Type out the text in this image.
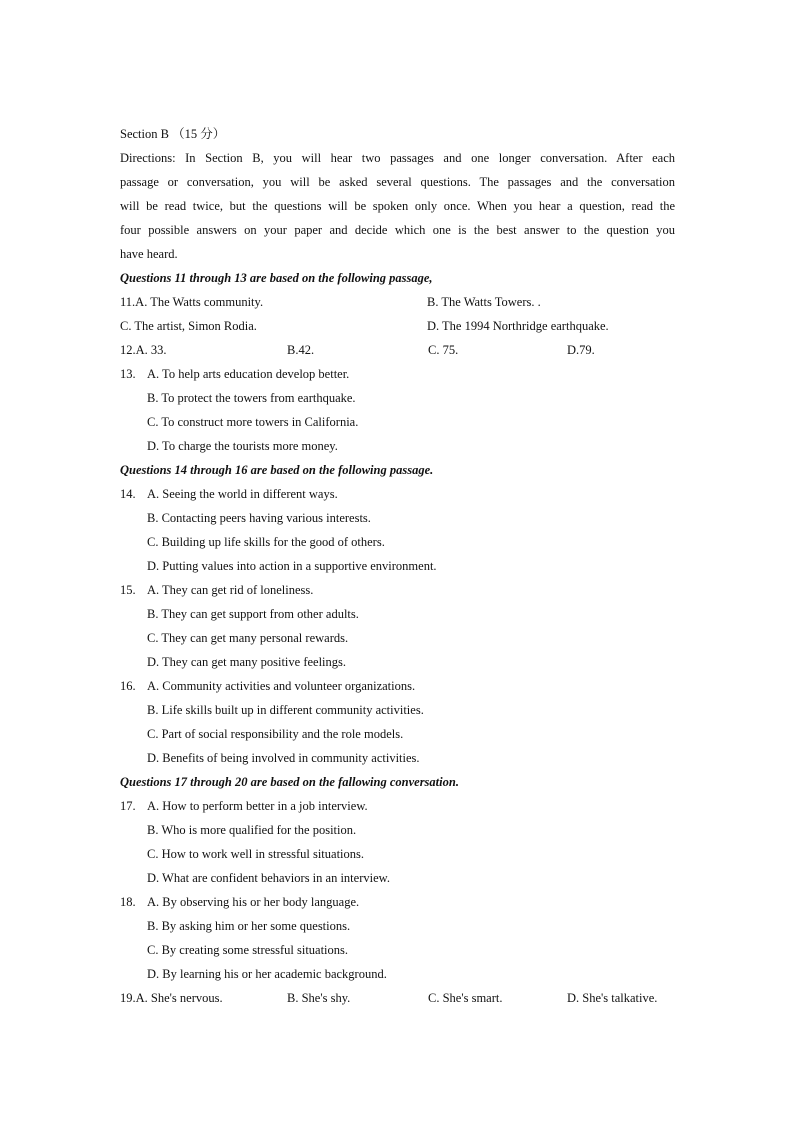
Section B （15 分）
Directions: In Section B, you will hear two passages and one longer conversation. After each
passage or conversation, you will be asked several questions. The passages and the conversation
will be read twice, but the questions will be spoken only once. When you hear a question, read the
four possible answers on your paper and decide which one is the best answer to the question you
have heard.
Questions 11 through 13 are based on the following passage,
11.A. The Watts community.	B. The Watts Towers. .
C. The artist, Simon Rodia.	D. The 1994 Northridge earthquake.
12.A. 33.	B.42.	C. 75.	D.79.
13. A. To help arts education develop better.
B. To protect the towers from earthquake.
C. To construct more towers in California.
D. To charge the tourists more money.
Questions 14 through 16 are based on the following passage.
14. A. Seeing the world in different ways.
B. Contacting peers having various interests.
C. Building up life skills for the good of others.
D. Putting values into action in a supportive environment.
15. A. They can get rid of loneliness.
B. They can get support from other adults.
C. They can get many personal rewards.
D. They can get many positive feelings.
16. A. Community activities and volunteer organizations.
B. Life skills built up in different community activities.
C. Part of social responsibility and the role models.
D. Benefits of being involved in community activities.
Questions 17 through 20 are based on the fallowing conversation.
17. A. How to perform better in a job interview.
B. Who is more qualified for the position.
C. How to work well in stressful situations.
D. What are confident behaviors in an interview.
18. A. By observing his or her body language.
B. By asking him or her some questions.
C. By creating some stressful situations.
D. By learning his or her academic background.
19.A. She's nervous.	B. She's shy.	C. She's smart.	D. She's talkative.
